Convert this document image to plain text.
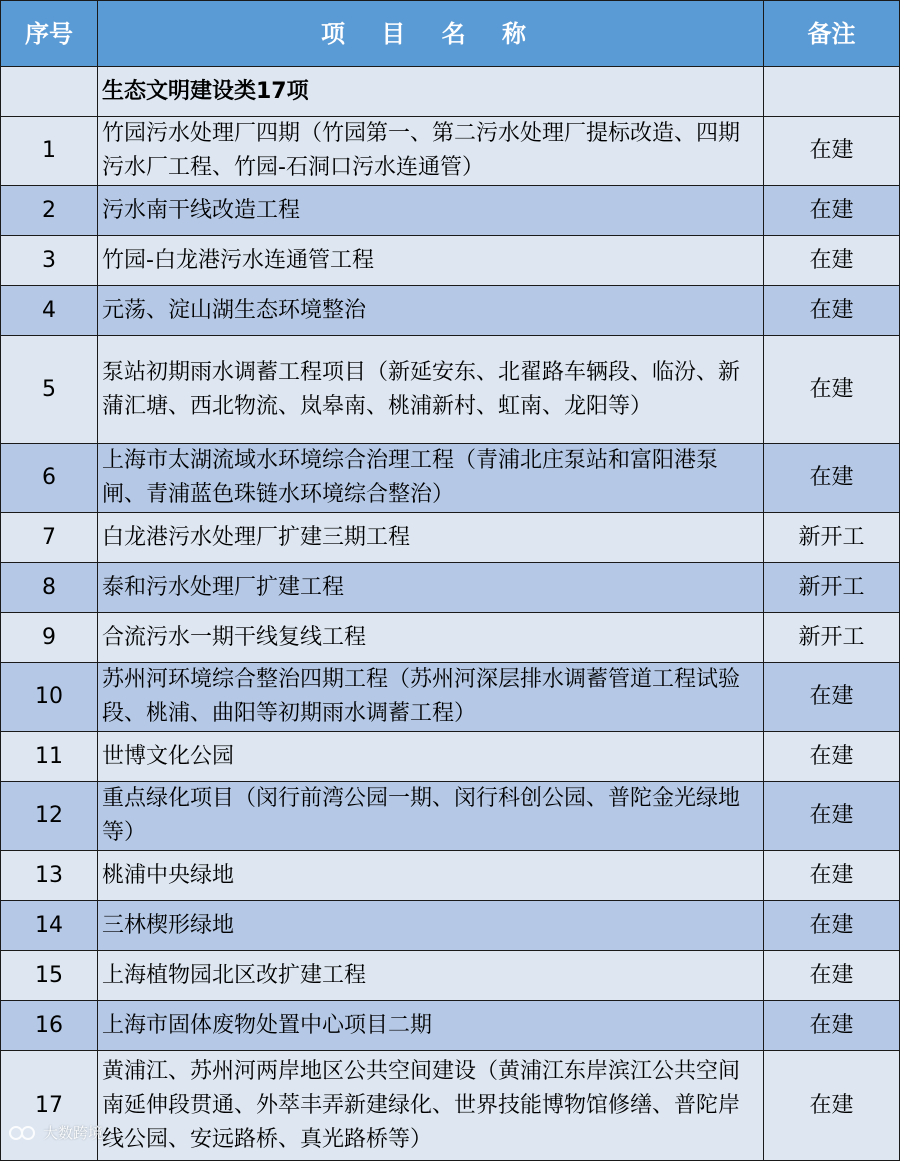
序号	项 目 名 称	备注
	生态文明建设类17项	
1	竹园污水处理厂四期（竹园第一、第二污水处理厂提标改造、四期污水厂工程、竹园-石洞口污水连通管）	在建
2	污水南干线改造工程	在建
3	竹园-白龙港污水连通管工程	在建
4	元荡、淀山湖生态环境整治	在建
5	泵站初期雨水调蓄工程项目（新延安东、北翟路车辆段、临汾、新蒲汇塘、西北物流、岚皋南、桃浦新村、虹南、龙阳等）	在建
6	上海市太湖流域水环境综合治理工程（青浦北庄泵站和富阳港泵闸、青浦蓝色珠链水环境综合整治）	在建
7	白龙港污水处理厂扩建三期工程	新开工
8	泰和污水处理厂扩建工程	新开工
9	合流污水一期干线复线工程	新开工
10	苏州河环境综合整治四期工程（苏州河深层排水调蓄管道工程试验段、桃浦、曲阳等初期雨水调蓄工程）	在建
11	世博文化公园	在建
12	重点绿化项目（闵行前湾公园一期、闵行科创公园、普陀金光绿地等）	在建
13	桃浦中央绿地	在建
14	三林楔形绿地	在建
15	上海植物园北区改扩建工程	在建
16	上海市固体废物处置中心项目二期	在建
17	黄浦江、苏州河两岸地区公共空间建设（黄浦江东岸滨江公共空间南延伸段贯通、外萃丰弄新建绿化、世界技能博物馆修缮、普陀岸线公园、安远路桥、真光路桥等）	在建
大数跨境
